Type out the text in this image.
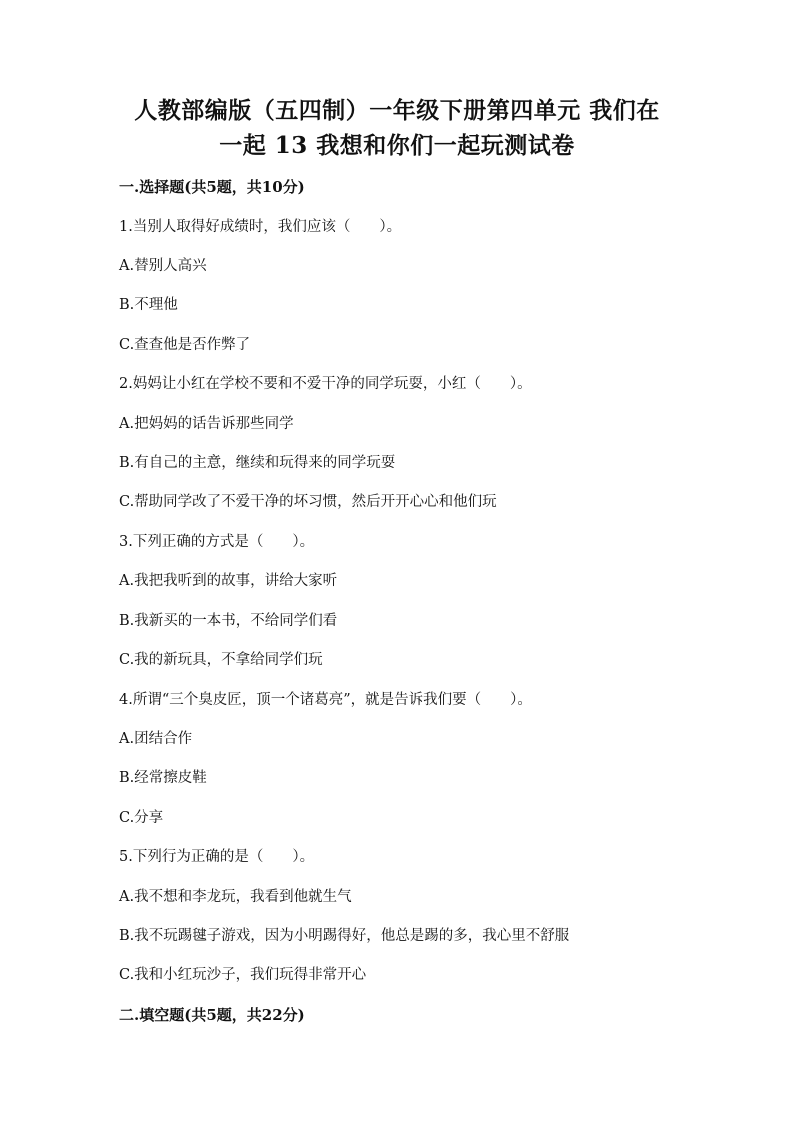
人教部编版（五四制）一年级下册第四单元 我们在
一起 13 我想和你们一起玩测试卷
一.选择题(共5题，共10分)
1.当别人取得好成绩时，我们应该（　　）。
A.替别人高兴
B.不理他
C.查查他是否作弊了
2.妈妈让小红在学校不要和不爱干净的同学玩耍，小红（　　）。
A.把妈妈的话告诉那些同学
B.有自己的主意，继续和玩得来的同学玩耍
C.帮助同学改了不爱干净的坏习惯，然后开开心心和他们玩
3.下列正确的方式是（　　）。
A.我把我听到的故事，讲给大家听
B.我新买的一本书，不给同学们看
C.我的新玩具，不拿给同学们玩
4.所谓“三个臭皮匠，顶一个诸葛亮”，就是告诉我们要（　　）。
A.团结合作
B.经常擦皮鞋
C.分享
5.下列行为正确的是（　　）。
A.我不想和李龙玩，我看到他就生气
B.我不玩踢毽子游戏，因为小明踢得好，他总是踢的多，我心里不舒服
C.我和小红玩沙子，我们玩得非常开心
二.填空题(共5题，共22分)
